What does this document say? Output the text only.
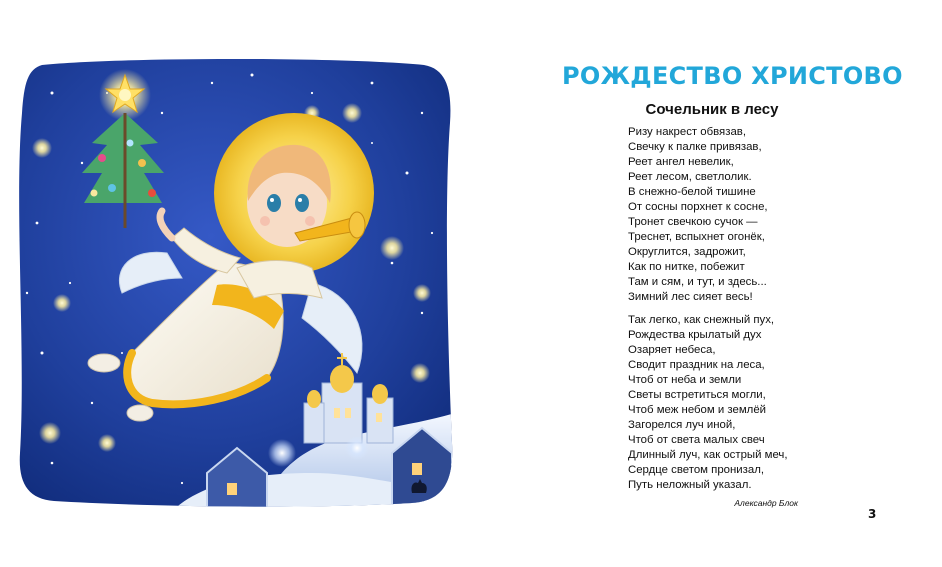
РОЖДЕСТВО ХРИСТОВО
Сочельник в лесу
Ризу накрест обвязав,
Свечку к палке привязав,
Реет ангел невелик,
Реет лесом, светлолик.
В снежно-белой тишине
От сосны порхнет к сосне,
Тронет свечкою сучок —
Треснет, вспыхнет огонёк,
Округлится, задрожит,
Как по нитке, побежит
Там и сям, и тут, и здесь...
Зимний лес сияет весь!
Так легко, как снежный пух,
Рождества крылатый дух
Озаряет небеса,
Сводит праздник на леса,
Чтоб от неба и земли
Светы встретиться могли,
Чтоб меж небом и землёй
Загорелся луч иной,
Чтоб от света малых свеч
Длинный луч, как острый меч,
Сердце светом пронизал,
Путь неложный указал.
Александр Блок
3
